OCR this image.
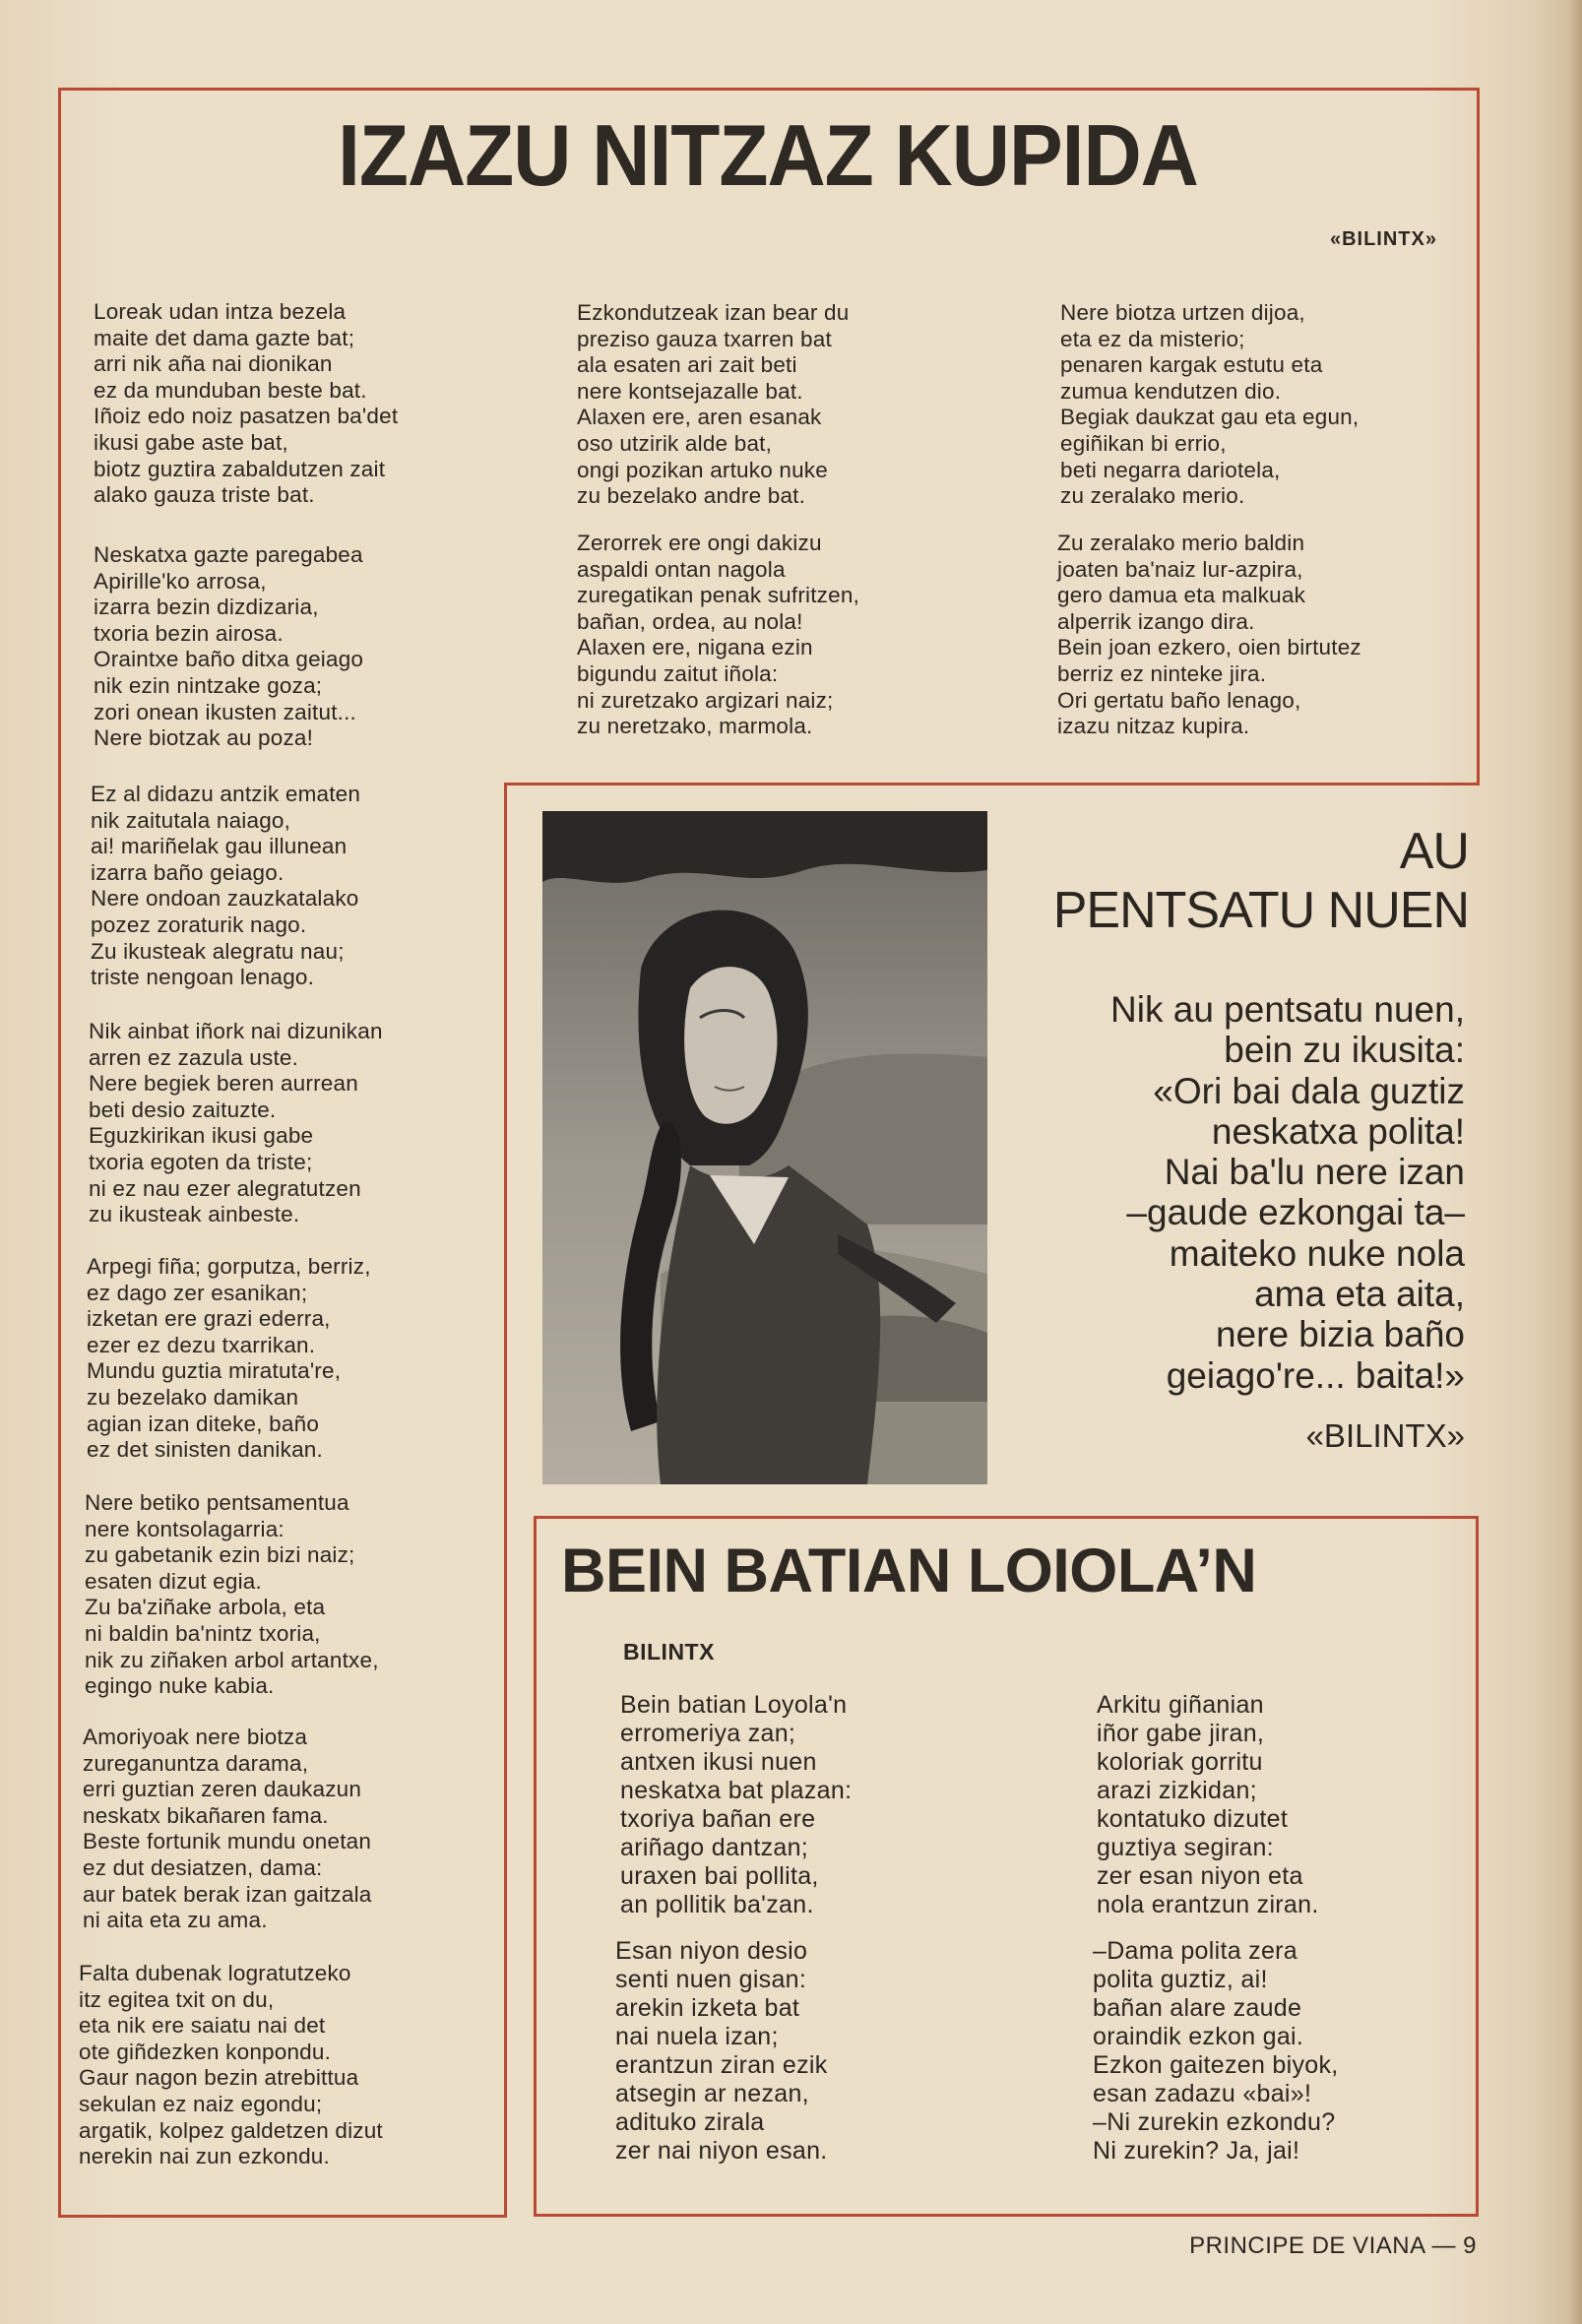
IZAZU NITZAZ KUPIDA
«BILINTX»
Loreak udan intza bezela
maite det dama gazte bat;
arri nik aña nai dionikan
ez da munduban beste bat.
Iñoiz edo noiz pasatzen ba'det
ikusi gabe aste bat,
biotz guztira zabaldutzen zait
alako gauza triste bat.
Neskatxa gazte paregabea
Apirille'ko arrosa,
izarra bezin dizdizaria,
txoria bezin airosa.
Oraintxe baño ditxa geiago
nik ezin nintzake goza;
zori onean ikusten zaitut...
Nere biotzak au poza!
Ez al didazu antzik ematen
nik zaitutala naiago,
ai! mariñelak gau illunean
izarra baño geiago.
Nere ondoan zauzkatalako
pozez zoraturik nago.
Zu ikusteak alegratu nau;
triste nengoan lenago.
Nik ainbat iñork nai dizunikan
arren ez zazula uste.
Nere begiek beren aurrean
beti desio zaituzte.
Eguzkirikan ikusi gabe
txoria egoten da triste;
ni ez nau ezer alegratutzen
zu ikusteak ainbeste.
Arpegi fiña; gorputza, berriz,
ez dago zer esanikan;
izketan ere grazi ederra,
ezer ez dezu txarrikan.
Mundu guztia miratuta're,
zu bezelako damikan
agian izan diteke, baño
ez det sinisten danikan.
Nere betiko pentsamentua
nere kontsolagarria:
zu gabetanik ezin bizi naiz;
esaten dizut egia.
Zu ba'ziñake arbola, eta
ni baldin ba'nintz txoria,
nik zu ziñaken arbol artantxe,
egingo nuke kabia.
Amoriyoak nere biotza
zureganuntza darama,
erri guztian zeren daukazun
neskatx bikañaren fama.
Beste fortunik mundu onetan
ez dut desiatzen, dama:
aur batek berak izan gaitzala
ni aita eta zu ama.
Falta dubenak logratutzeko
itz egitea txit on du,
eta nik ere saiatu nai det
ote giñdezken konpondu.
Gaur nagon bezin atrebittua
sekulan ez naiz egondu;
argatik, kolpez galdetzen dizut
nerekin nai zun ezkondu.
Ezkondutzeak izan bear du
preziso gauza txarren bat
ala esaten ari zait beti
nere kontsejazalle bat.
Alaxen ere, aren esanak
oso utzirik alde bat,
ongi pozikan artuko nuke
zu bezelako andre bat.
Zerorrek ere ongi dakizu
aspaldi ontan nagola
zuregatikan penak sufritzen,
bañan, ordea, au nola!
Alaxen ere, nigana ezin
bigundu zaitut iñola:
ni zuretzako argizari naiz;
zu neretzako, marmola.
Nere biotza urtzen dijoa,
eta ez da misterio;
penaren kargak estutu eta
zumua kendutzen dio.
Begiak daukzat gau eta egun,
egiñikan bi errio,
beti negarra dariotela,
zu zeralako merio.
Zu zeralako merio baldin
joaten ba'naiz lur-azpira,
gero damua eta malkuak
alperrik izango dira.
Bein joan ezkero, oien birtutez
berriz ez ninteke jira.
Ori gertatu baño lenago,
izazu nitzaz kupira.
AU
PENTSATU NUEN
Nik au pentsatu nuen,
bein zu ikusita:
«Ori bai dala guztiz
neskatxa polita!
Nai ba'lu nere izan
–gaude ezkongai ta–
maiteko nuke nola
ama eta aita,
nere bizia baño
geiago're... baita!»
«BILINTX»
BEIN BATIAN LOIOLA’N
BILINTX
Bein batian Loyola'n
erromeriya zan;
antxen ikusi nuen
neskatxa bat plazan:
txoriya bañan ere
ariñago dantzan;
uraxen bai pollita,
an pollitik ba'zan.
Esan niyon desio
senti nuen gisan:
arekin izketa bat
nai nuela izan;
erantzun ziran ezik
atsegin ar nezan,
adituko zirala
zer nai niyon esan.
Arkitu giñanian
iñor gabe jiran,
koloriak gorritu
arazi zizkidan;
kontatuko dizutet
guztiya segiran:
zer esan niyon eta
nola erantzun ziran.
–Dama polita zera
polita guztiz, ai!
bañan alare zaude
oraindik ezkon gai.
Ezkon gaitezen biyok,
esan zadazu «bai»!
–Ni zurekin ezkondu?
Ni zurekin? Ja, jai!
PRINCIPE DE VIANA — 9
